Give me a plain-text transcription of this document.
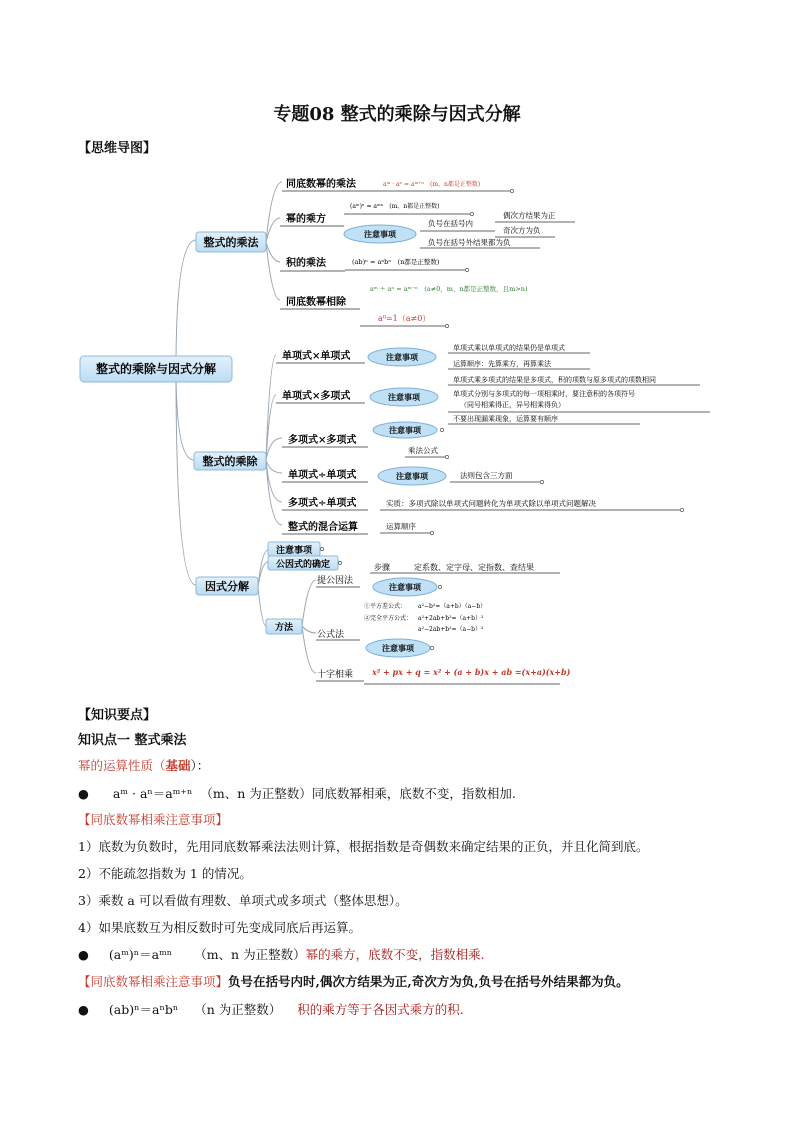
专题08 整式的乘除与因式分解
【思维导图】
整式的乘除与因式分解
整式的乘法
同底数幂的乘法	aᵐ · aⁿ = aᵐ⁺ⁿ　(m、n都是正整数)
幂的乘方
(aᵐ)ⁿ = aᵐⁿ　(m、n都是正整数)
注意事项
负号在括号内
偶次方结果为正
奇次方为负
负号在括号外结果都为负
积的乘法	(ab)ⁿ = aⁿbⁿ　(n都是正整数)
同底数幂相除
aᵐ ÷ aⁿ = aᵐ⁻ⁿ　(a≠0，m、n都是正整数，且m>n)
a⁰=1（a≠0）
整式的乘除
单项式×单项式	注意事项
单项式乘以单项式的结果仍是单项式
运算顺序：先算乘方，再算乘法
单项式×多项式	注意事项
单项式乘多项式的结果是多项式，积的项数与原多项式的项数相同
单项式分别与多项式的每一项相乘时，要注意积的各项符号
（同号相乘得正，异号相乘得负）
不要出现漏乘现象，运算要有顺序
多项式×多项式
注意事项
乘法公式
单项式÷单项式	注意事项	法则包含三方面
多项式÷单项式	实质：多项式除以单项式问题转化为单项式除以单项式问题解决
整式的混合运算	运算顺序
因式分解
注意事项
公因式的确定
方法
提公因法
步骤	定系数、定字母、定指数、查结果
注意事项
公式法
①平方差公式： a²−b²=（a+b）（a−b）
②完全平方公式： a²+2ab+b²=（a+b）²
a²−2ab+b²=（a−b）²
注意事项
十字相乘 x² + px + q = x² + (a + b)x + ab =(x+a)(x+b)
【知识要点】
知识点一 整式乘法
幂的运算性质（基础）：
● aᵐ · aⁿ＝aᵐ⁺ⁿ （m、n 为正整数）同底数幂相乘，底数不变，指数相加.
【同底数幂相乘注意事项】
1）底数为负数时，先用同底数幂乘法法则计算，根据指数是奇偶数来确定结果的正负，并且化简到底。
2）不能疏忽指数为 1 的情况。
3）乘数 a 可以看做有理数、单项式或多项式（整体思想）。
4）如果底数互为相反数时可先变成同底后再运算。
● (aᵐ)ⁿ＝aᵐⁿ （m、n 为正整数）幂的乘方，底数不变，指数相乘.
【同底数幂相乘注意事项】负号在括号内时,偶次方结果为正,奇次方为负,负号在括号外结果都为负。
● (ab)ⁿ＝aⁿbⁿ （n 为正整数） 积的乘方等于各因式乘方的积.
